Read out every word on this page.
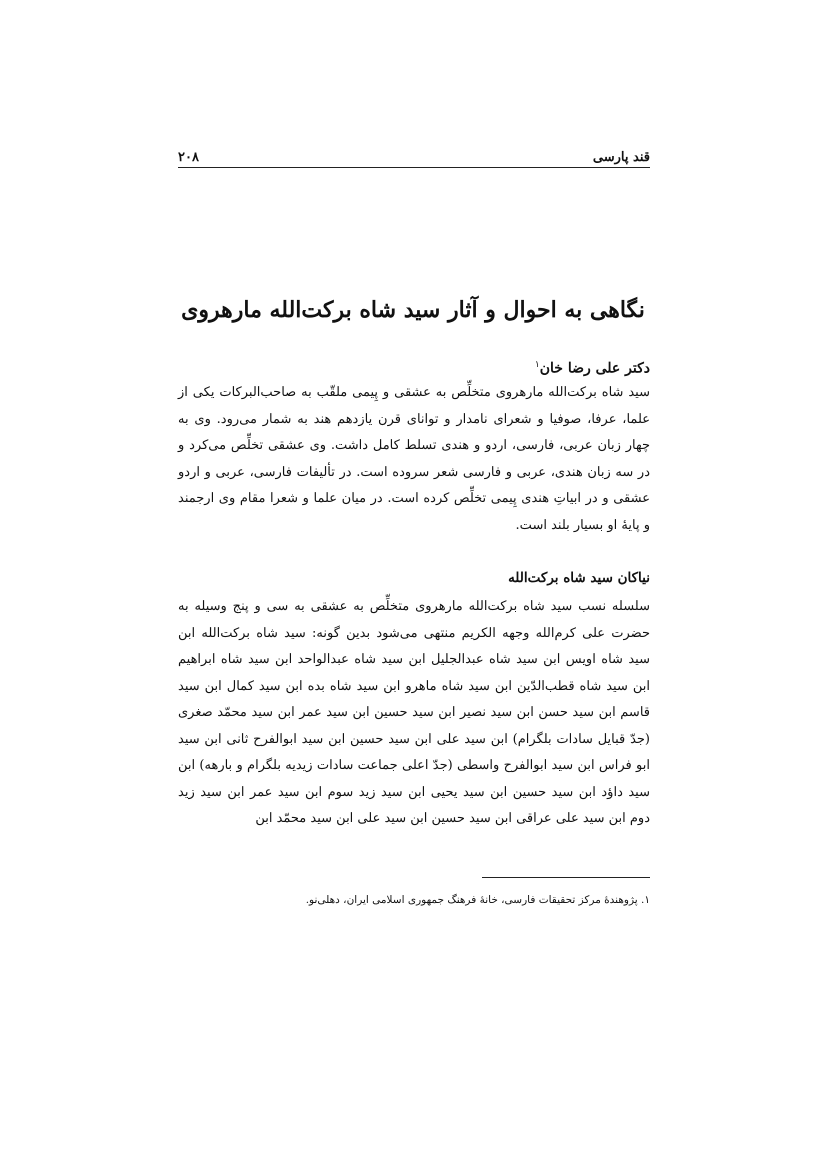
قند پارسی
۲۰۸
نگاهی به احوال و آثار سید شاه برکت‌الله مارهروی
دکتر علی رضا خان$^۱$

سید شاه برکت‌الله مارهروی متخلِّص به عشقی و پِیمی ملقّب به صاحب‌البرکات یکی از علما، عرفا، صوفیا و شعرای نامدار و توانای قرن یازدهم هند به شمار می‌رود. وی به چهار زبان عربی، فارسی، اردو و هندی تسلط کامل داشت. وی عشقی تخلِّص می‌کرد و در سه زبان هندی، عربی و فارسی شعر سروده است. در تألیفات فارسی، عربی و اردو عشقی و در ابیاتِ هندی پِیمی تخلِّص کرده است. در میان علما و شعرا مقام وی ارجمند و پایهٔ او بسیار بلند است.

نیاکان سید شاه برکت‌الله

سلسله نسب سید شاه برکت‌الله مارهروی متخلِّص به عشقی به سی و پنج وسیله به حضرت علی کرم‌الله وجهه الکریم منتهی می‌شود بدین گونه: سید شاه برکت‌الله ابن سید شاه اویس ابن سید شاه عبدالجلیل ابن سید شاه عبدالواحد ابن سید شاه ابراهیم ابن سید شاه قطب‌الدّین ابن سید شاه ماهرو ابن سید شاه بده ابن سید کمال ابن سید قاسم ابن سید حسن ابن سید نصیر ابن سید حسین ابن سید عمر ابن سید محمّد صغری (جدّ قبایل سادات بلگرام) ابن سید علی ابن سید حسین ابن سید ابوالفرح ثانی ابن سید ابو فراس ابن سید ابوالفرح واسطی (جدّ اعلی جماعت سادات زیدیه بلگرام و بارهه) ابن سید داؤد ابن سید حسین ابن سید یحیی ابن سید زید سوم ابن سید عمر ابن سید زید دوم ابن سید علی عراقی ابن سید حسین ابن سید علی ابن سید محمّد ابن

۱. پژوهندهٔ مرکز تحقیقات فارسی، خانهٔ فرهنگ جمهوری اسلامی ایران، دهلی‌نو.
